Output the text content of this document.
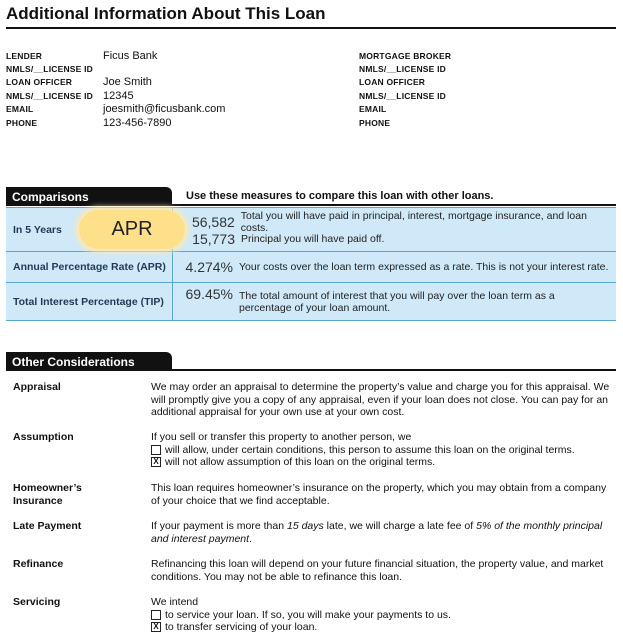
Additional Information About This Loan
LENDER	Ficus Bank
NMLS/__LICENSE ID
LOAN OFFICER	Joe Smith
NMLS/__LICENSE ID 12345
EMAIL	joesmith@ficusbank.com
PHONE	123-456-7890
MORTGAGE BROKER
NMLS/__LICENSE ID
LOAN OFFICER
NMLS/__LICENSE ID
EMAIL
PHONE
Comparisons	Use these measures to compare this loan with other loans.
In 5 Years	56,582 Total you will have paid in principal, interest, mortgage insurance, and loan costs.
15,773 Principal you will have paid off.
Annual Percentage Rate (APR)	4.274% Your costs over the loan term expressed as a rate. This is not your interest rate.
Total Interest Percentage (TIP)	69.45% The total amount of interest that you will pay over the loan term as a
percentage of your loan amount.
APR
Other Considerations
Appraisal	We may order an appraisal to determine the property’s value and charge you for this appraisal. We will promptly give you a copy of any appraisal, even if your loan does not close. You can pay for an additional appraisal for your own use at your own cost.
Assumption	If you sell or transfer this property to another person, we
will allow, under certain conditions, this person to assume this loan on the original terms.
X will not allow assumption of this loan on the original terms.
Homeowner’s
Insurance
This loan requires homeowner’s insurance on the property, which you may obtain from a company of your choice that we find acceptable.
Late Payment	If your payment is more than 15 days late, we will charge a late fee of 5% of the monthly principal and interest payment.
Refinance	Refinancing this loan will depend on your future financial situation, the property value, and market conditions. You may not be able to refinance this loan.
Servicing	We intend
to service your loan. If so, you will make your payments to us.
X to transfer servicing of your loan.
